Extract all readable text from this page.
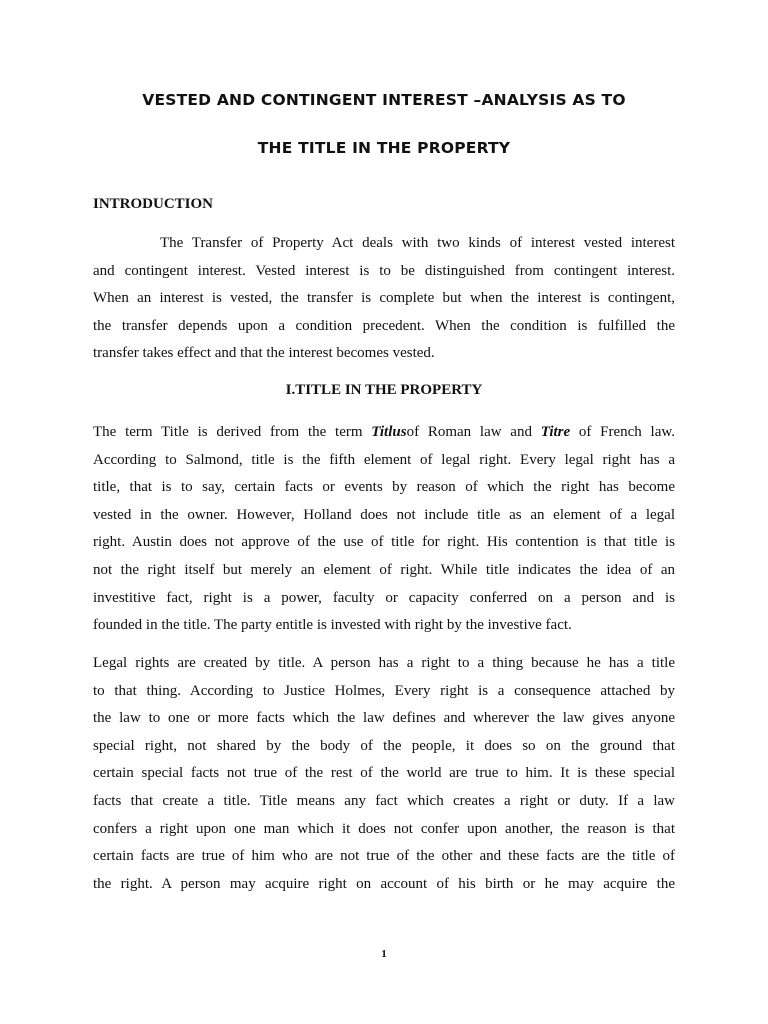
VESTED AND CONTINGENT INTEREST –ANALYSIS AS TO
THE TITLE IN THE PROPERTY
INTRODUCTION
The Transfer of Property Act deals with two kinds of interest vested interest
and contingent interest. Vested interest is to be distinguished from contingent interest.
When an interest is vested, the transfer is complete but when the interest is contingent,
the transfer depends upon a condition precedent. When the condition is fulfilled the
transfer takes effect and that the interest becomes vested.
I.TITLE IN THE PROPERTY
The term Title is derived from the term Titlusof Roman law and Titre of French law.
According to Salmond, title is the fifth element of legal right. Every legal right has a
title, that is to say, certain facts or events by reason of which the right has become
vested in the owner. However, Holland does not include title as an element of a legal
right. Austin does not approve of the use of title for right. His contention is that title is
not the right itself but merely an element of right. While title indicates the idea of an
investitive fact, right is a power, faculty or capacity conferred on a person and is
founded in the title. The party entitle is invested with right by the investive fact.
Legal rights are created by title. A person has a right to a thing because he has a title
to that thing. According to Justice Holmes, Every right is a consequence attached by
the law to one or more facts which the law defines and wherever the law gives anyone
special right, not shared by the body of the people, it does so on the ground that
certain special facts not true of the rest of the world are true to him. It is these special
facts that create a title. Title means any fact which creates a right or duty. If a law
confers a right upon one man which it does not confer upon another, the reason is that
certain facts are true of him who are not true of the other and these facts are the title of
the right. A person may acquire right on account of his birth or he may acquire the
1
